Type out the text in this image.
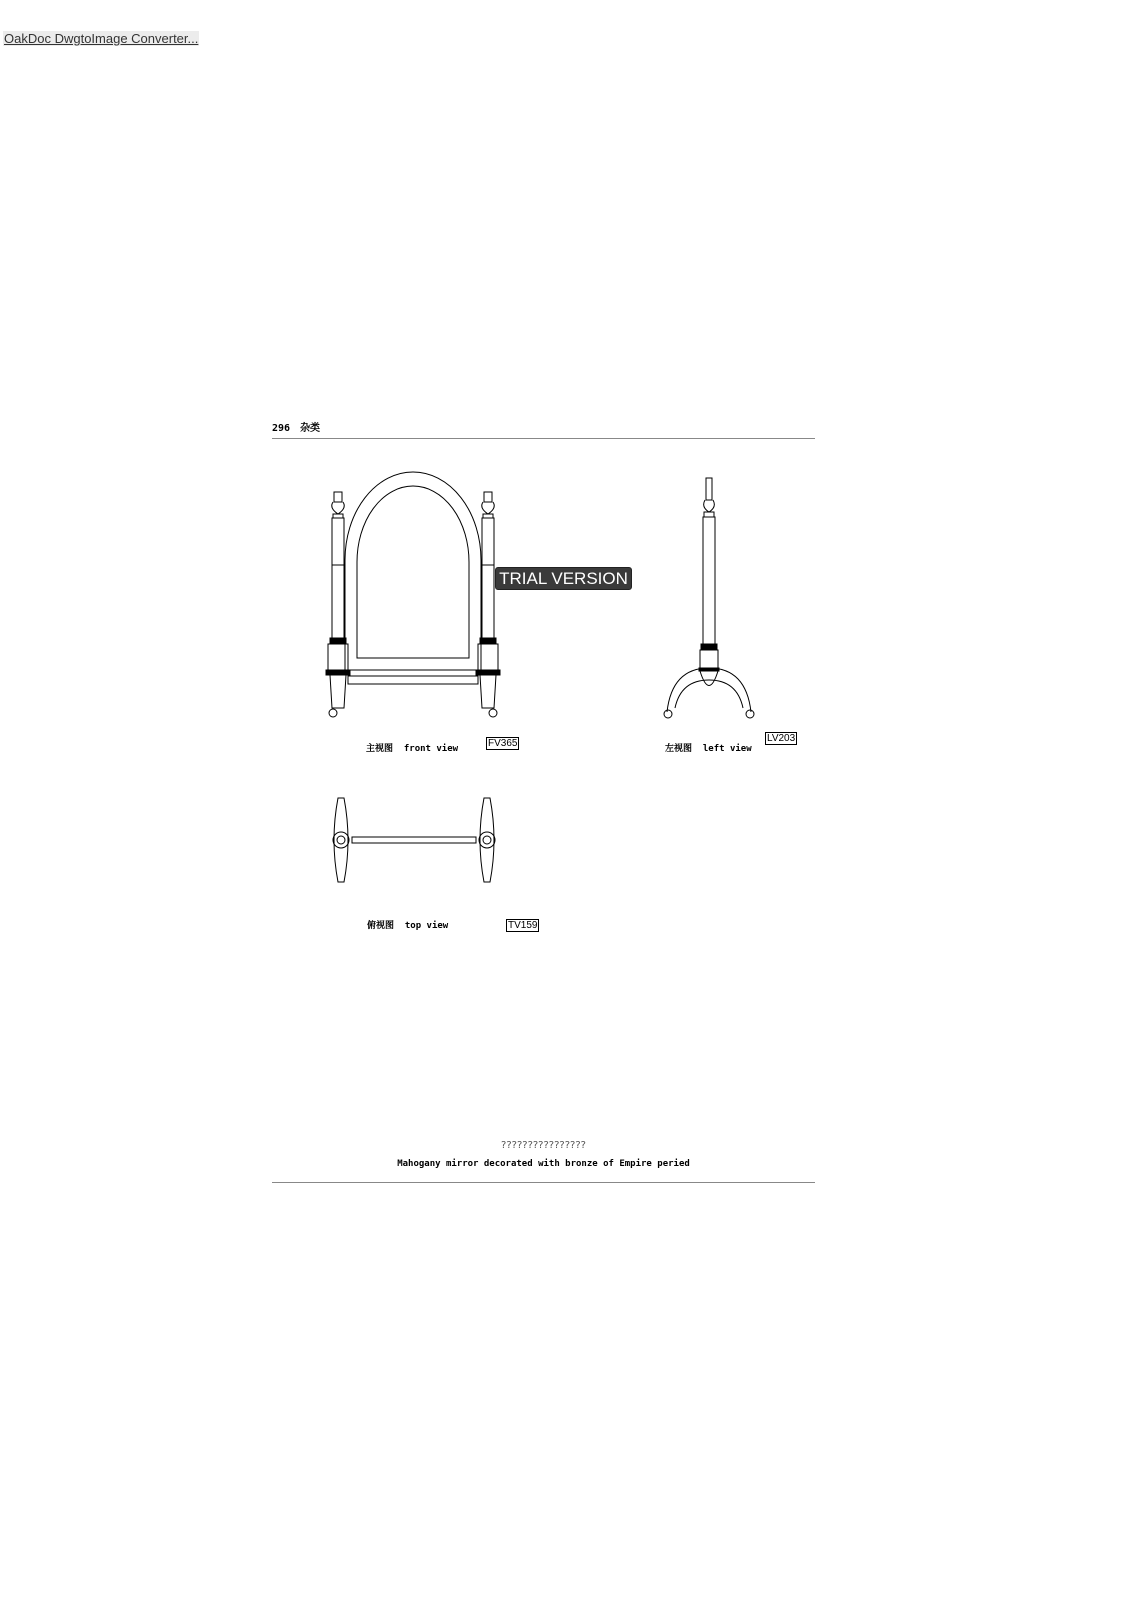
OakDoc DwgtoImage Converter...
296 杂类
TRIAL VERSION
主视图 front view	FV365	左视图 left view
LV203
俯视图 top view	TV159
????????????????
Mahogany mirror decorated with bronze of Empire peried
